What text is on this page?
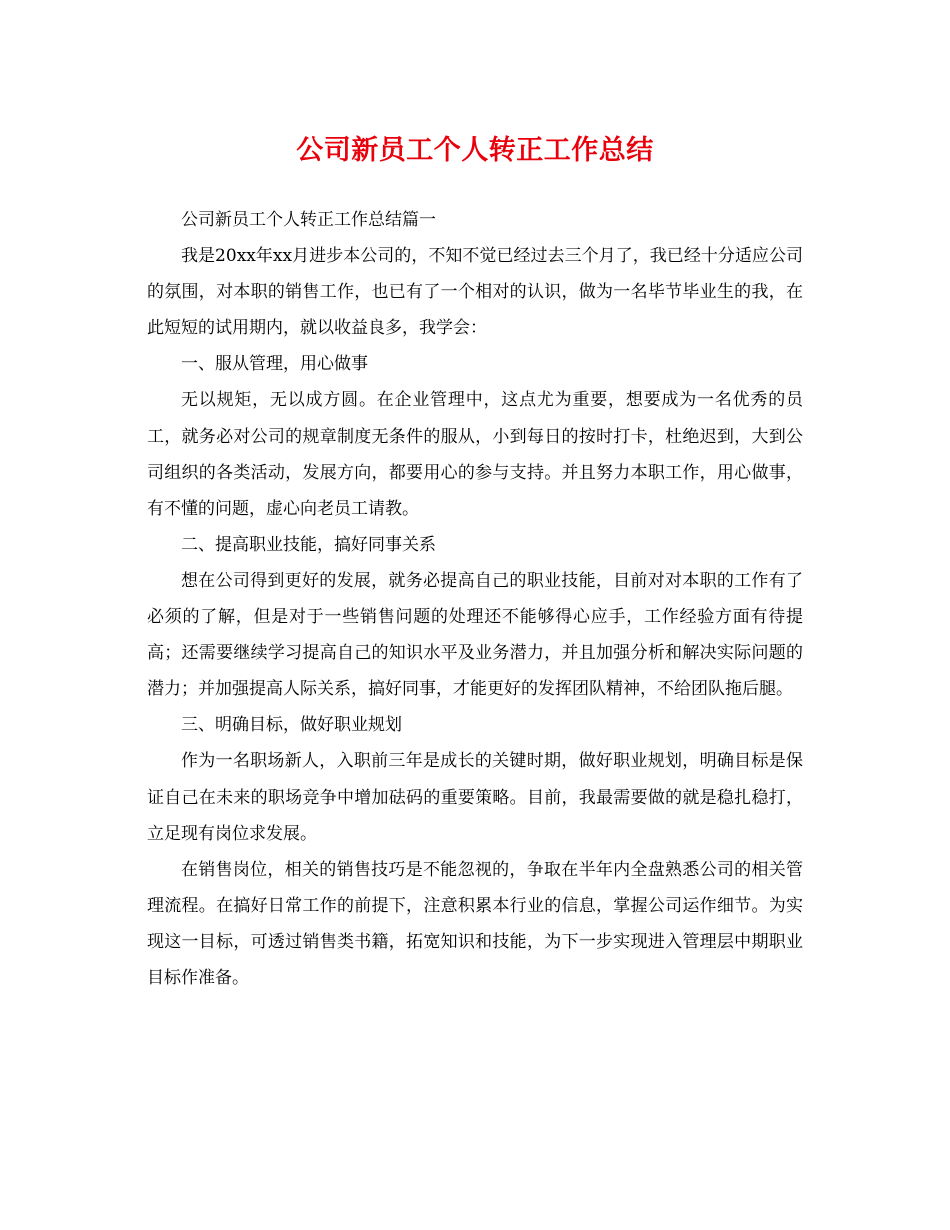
公司新员工个人转正工作总结

公司新员工个人转正工作总结篇一

我是20xx年xx月进步本公司的，不知不觉已经过去三个月了，我已经十分适应公司的氛围，对本职的销售工作，也已有了一个相对的认识，做为一名毕节毕业生的我，在此短短的试用期内，就以收益良多，我学会：

一、服从管理，用心做事

无以规矩，无以成方圆。在企业管理中，这点尤为重要，想要成为一名优秀的员工，就务必对公司的规章制度无条件的服从，小到每日的按时打卡，杜绝迟到，大到公司组织的各类活动，发展方向，都要用心的参与支持。并且努力本职工作，用心做事，有不懂的问题，虚心向老员工请教。

二、提高职业技能，搞好同事关系

想在公司得到更好的发展，就务必提高自己的职业技能，目前对对本职的工作有了必须的了解，但是对于一些销售问题的处理还不能够得心应手，工作经验方面有待提高；还需要继续学习提高自己的知识水平及业务潜力，并且加强分析和解决实际问题的潜力；并加强提高人际关系，搞好同事，才能更好的发挥团队精神，不给团队拖后腿。

三、明确目标，做好职业规划

作为一名职场新人，入职前三年是成长的关键时期，做好职业规划，明确目标是保证自己在未来的职场竞争中增加砝码的重要策略。目前，我最需要做的就是稳扎稳打，立足现有岗位求发展。

在销售岗位，相关的销售技巧是不能忽视的，争取在半年内全盘熟悉公司的相关管理流程。在搞好日常工作的前提下，注意积累本行业的信息，掌握公司运作细节。为实现这一目标，可透过销售类书籍，拓宽知识和技能，为下一步实现进入管理层中期职业目标作准备。
